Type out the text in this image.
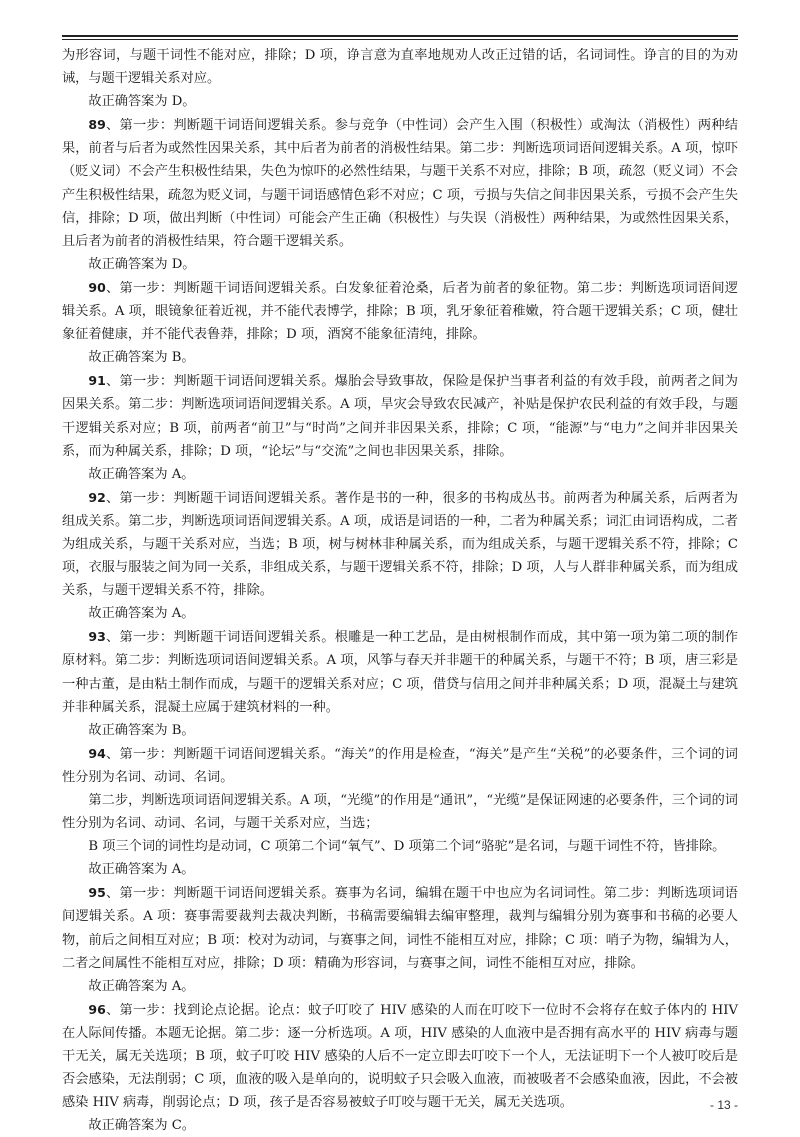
为形容词，与题干词性不能对应，排除；D 项，诤言意为直率地规劝人改正过错的话，名词词性。诤言的目的为劝诫，与题干逻辑关系对应。

故正确答案为 D。

89、第一步：判断题干词语间逻辑关系。参与竞争（中性词）会产生入围（积极性）或淘汰（消极性）两种结果，前者与后者为或然性因果关系，其中后者为前者的消极性结果。第二步：判断选项词语间逻辑关系。A 项，惊吓（贬义词）不会产生积极性结果，失色为惊吓的必然性结果，与题干关系不对应，排除；B 项，疏忽（贬义词）不会产生积极性结果，疏忽为贬义词，与题干词语感情色彩不对应；C 项，亏损与失信之间非因果关系，亏损不会产生失信，排除；D 项，做出判断（中性词）可能会产生正确（积极性）与失误（消极性）两种结果，为或然性因果关系，且后者为前者的消极性结果，符合题干逻辑关系。

故正确答案为 D。

90、第一步：判断题干词语间逻辑关系。白发象征着沧桑，后者为前者的象征物。第二步：判断选项词语间逻辑关系。A 项，眼镜象征着近视，并不能代表博学，排除；B 项，乳牙象征着稚嫩，符合题干逻辑关系；C 项，健壮象征着健康，并不能代表鲁莽，排除；D 项，酒窝不能象征清纯，排除。

故正确答案为 B。

91、第一步：判断题干词语间逻辑关系。爆胎会导致事故，保险是保护当事者利益的有效手段，前两者之间为因果关系。第二步：判断选项词语间逻辑关系。A 项，旱灾会导致农民减产，补贴是保护农民利益的有效手段，与题干逻辑关系对应；B 项，前两者“前卫”与“时尚”之间并非因果关系，排除；C 项，“能源”与“电力”之间并非因果关系，而为种属关系，排除；D 项，“论坛”与“交流”之间也非因果关系，排除。

故正确答案为 A。

92、第一步：判断题干词语间逻辑关系。著作是书的一种，很多的书构成丛书。前两者为种属关系，后两者为组成关系。第二步，判断选项词语间逻辑关系。A 项，成语是词语的一种，二者为种属关系；词汇由词语构成，二者为组成关系，与题干关系对应，当选；B 项，树与树林非种属关系，而为组成关系，与题干逻辑关系不符，排除；C 项，衣服与服装之间为同一关系，非组成关系，与题干逻辑关系不符，排除；D 项，人与人群非种属关系，而为组成关系，与题干逻辑关系不符，排除。

故正确答案为 A。

93、第一步：判断题干词语间逻辑关系。根雕是一种工艺品，是由树根制作而成，其中第一项为第二项的制作原材料。第二步：判断选项词语间逻辑关系。A 项，风筝与春天并非题干的种属关系，与题干不符；B 项，唐三彩是一种古董，是由粘土制作而成，与题干的逻辑关系对应；C 项，借贷与信用之间并非种属关系；D 项，混凝土与建筑并非种属关系，混凝土应属于建筑材料的一种。

故正确答案为 B。

94、第一步：判断题干词语间逻辑关系。“海关”的作用是检查，“海关”是产生“关税”的必要条件，三个词的词性分别为名词、动词、名词。

第二步，判断选项词语间逻辑关系。A 项，“光缆”的作用是“通讯”，“光缆”是保证网速的必要条件，三个词的词性分别为名词、动词、名词，与题干关系对应，当选；

B 项三个词的词性均是动词，C 项第二个词“氧气”、D 项第二个词“骆驼”是名词，与题干词性不符，皆排除。

故正确答案为 A。

95、第一步：判断题干词语间逻辑关系。赛事为名词，编辑在题干中也应为名词词性。第二步：判断选项词语间逻辑关系。A 项：赛事需要裁判去裁决判断，书稿需要编辑去编审整理，裁判与编辑分别为赛事和书稿的必要人物，前后之间相互对应；B 项：校对为动词，与赛事之间，词性不能相互对应，排除；C 项：哨子为物，编辑为人，二者之间属性不能相互对应，排除；D 项：精确为形容词，与赛事之间，词性不能相互对应，排除。

故正确答案为 A。

96、第一步：找到论点论据。论点：蚊子叮咬了 HIV 感染的人而在叮咬下一位时不会将存在蚊子体内的 HIV 在人际间传播。本题无论据。第二步：逐一分析选项。A 项，HIV 感染的人血液中是否拥有高水平的 HIV 病毒与题干无关，属无关选项；B 项，蚊子叮咬 HIV 感染的人后不一定立即去叮咬下一个人，无法证明下一个人被叮咬后是否会感染，无法削弱；C 项，血液的吸入是单向的，说明蚊子只会吸入血液，而被吸者不会感染血液，因此，不会被感染 HIV 病毒，削弱论点；D 项，孩子是否容易被蚊子叮咬与题干无关，属无关选项。

故正确答案为 C。

- 13 -
